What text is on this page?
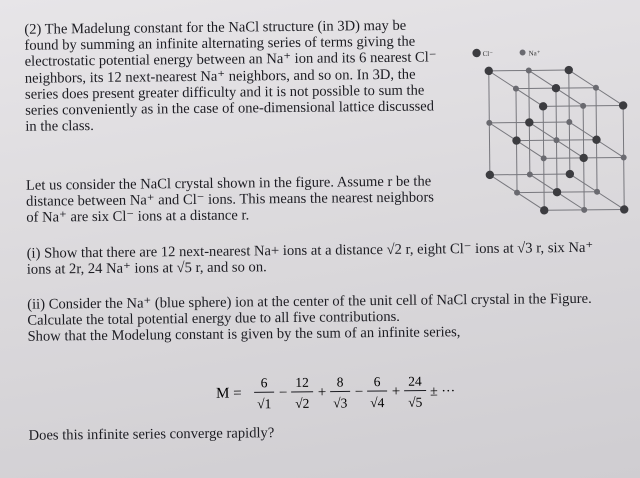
(2) The Madelung constant for the NaCl structure (in 3D) may be
found by summing an infinite alternating series of terms giving the
electrostatic potential energy between an Na⁺ ion and its 6 nearest Cl⁻
neighbors, its 12 next-nearest Na⁺ neighbors, and so on. In 3D, the
series does present greater difficulty and it is not possible to sum the
series conveniently as in the case of one-dimensional lattice discussed
in the class.

Let us consider the NaCl crystal shown in the figure. Assume r be the
distance between Na⁺ and Cl⁻ ions. This means the nearest neighbors
of Na⁺ are six Cl⁻ ions at a distance r.

(i) Show that there are 12 next-nearest Na+ ions at a distance √2 r, eight Cl⁻ ions at √3 r, six Na⁺
ions at 2r, 24 Na⁺ ions at √5 r, and so on.

(ii) Consider the Na⁺ (blue sphere) ion at the center of the unit cell of NaCl crystal in the Figure.
Calculate the total potential energy due to all five contributions.
Show that the Modelung constant is given by the sum of an infinite series,

M =
6
√1
−
12
√2
+
8
√3
−
6
√4
+
24
√5
± ···

Does this infinite series converge rapidly?

Cl⁻	Na⁺
